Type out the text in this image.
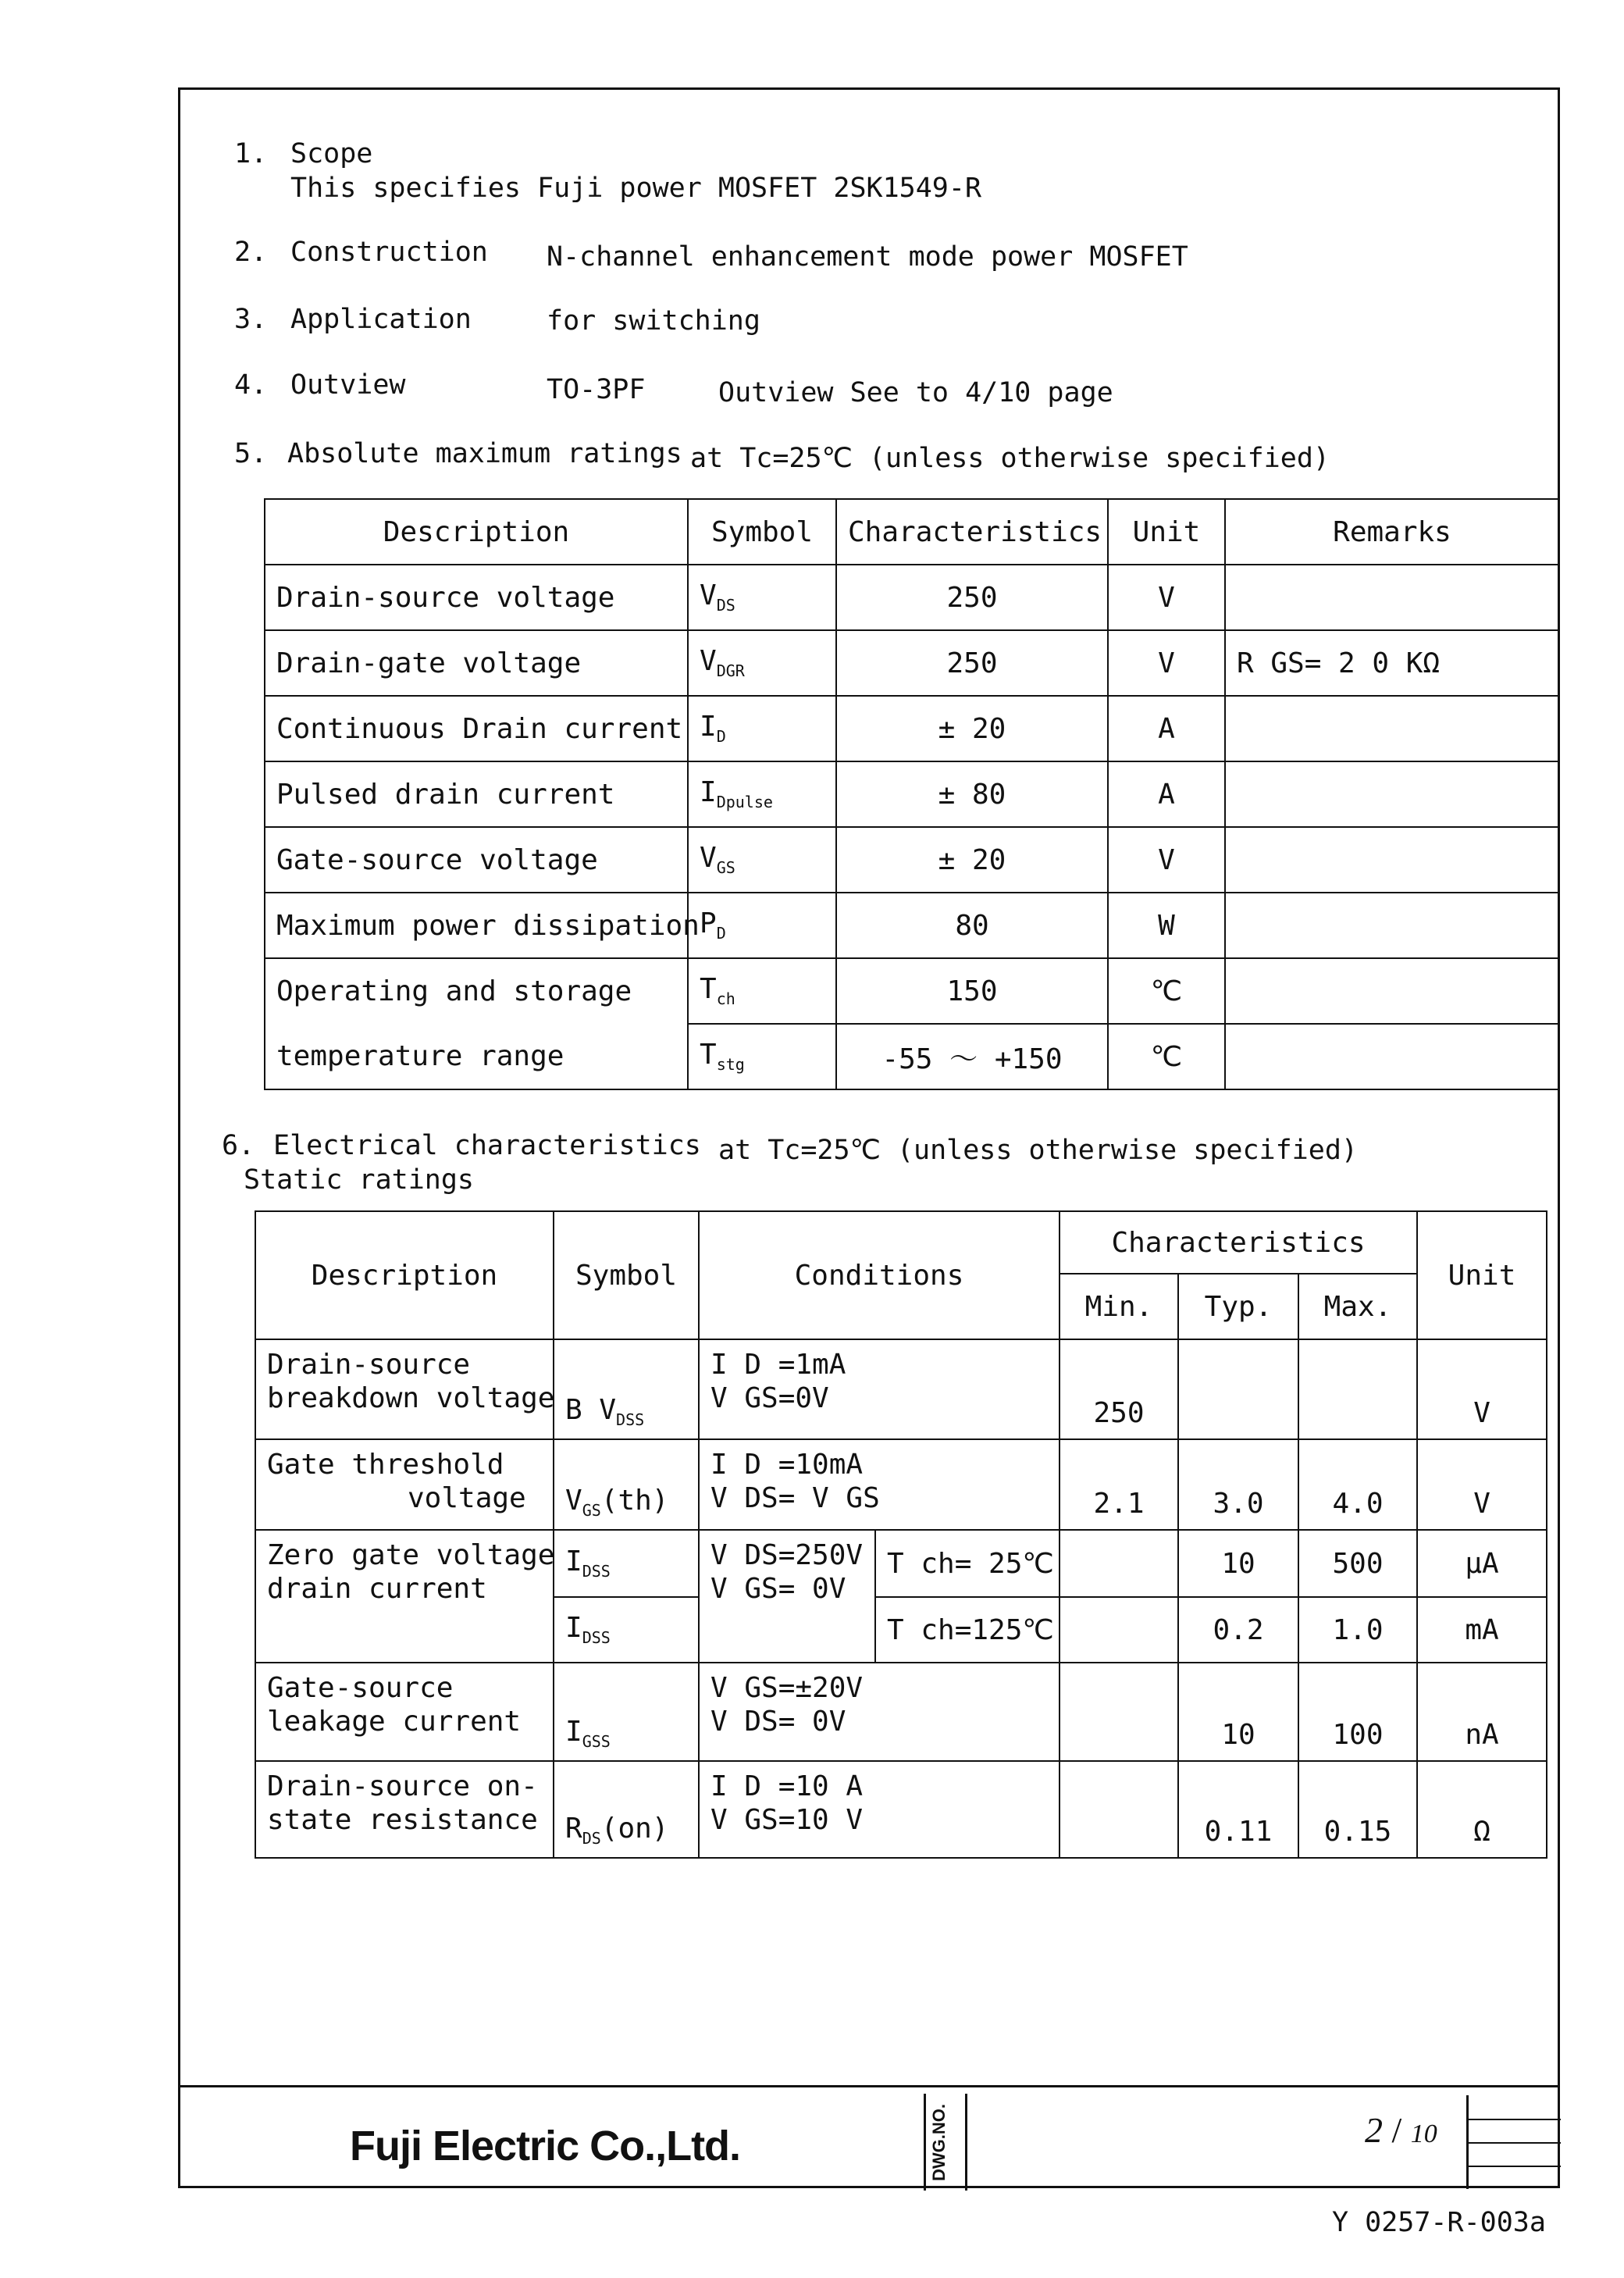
1. Scope
This specifies Fuji power MOSFET 2SK1549-R
2. Construction N-channel enhancement mode power MOSFET
3. Application	for switching
4. Outview	TO-3PF	Outview See to 4/10 page
5. Absolute maximum ratings at Tc=25℃ (unless otherwise specified)
Description	Symbol	Characteristics	Unit	Remarks
Drain-source voltage	$V_{DS}$	250	V	
Drain-gate voltage	$V_{DGR}$	250	V	R GS= 2 0 KΩ
Continuous Drain current	$I_D$	± 20	A	
Pulsed drain current	$I_{Dpulse}$	± 80	A	
Gate-source voltage	$V_{GS}$	± 20	V	
Maximum power dissipation	$P_D$	80	W	
Operating and storage	$T_{ch}$	150	℃	
temperature range	$T_{stg}$	-55 ～ +150	℃	
6. Electrical characteristics at Tc=25℃ (unless otherwise specified)
Static ratings
Description	Symbol	Conditions		Characteristics			Unit
				Min.	Typ.	Max.	
Drain-source
breakdown voltage	B $V_{DSS}$	I D =1mA
V GS=0V		250			V
Gate threshold
voltage	$V_{GS}(th)$	I D =10mA
V DS= V GS		2.1	3.0	4.0	V
Zero gate voltage
drain current	$I_{DSS}$	V DS=250V
V GS= 0V	T ch= 25℃		10	500	μA
	$I_{DSS}$		T ch=125℃		0.2	1.0	mA
Gate-source
leakage current	$I_{GSS}$	V GS=±20V
V DS= 0V			10	100	nA
Drain-source on-
state resistance	$R_{DS}(on)$	I D =10 A
V GS=10 V			0.11	0.15	Ω
Fuji Electric Co.,Ltd.	DWG.NO.	2 / 10
Y 0257-R-003a
